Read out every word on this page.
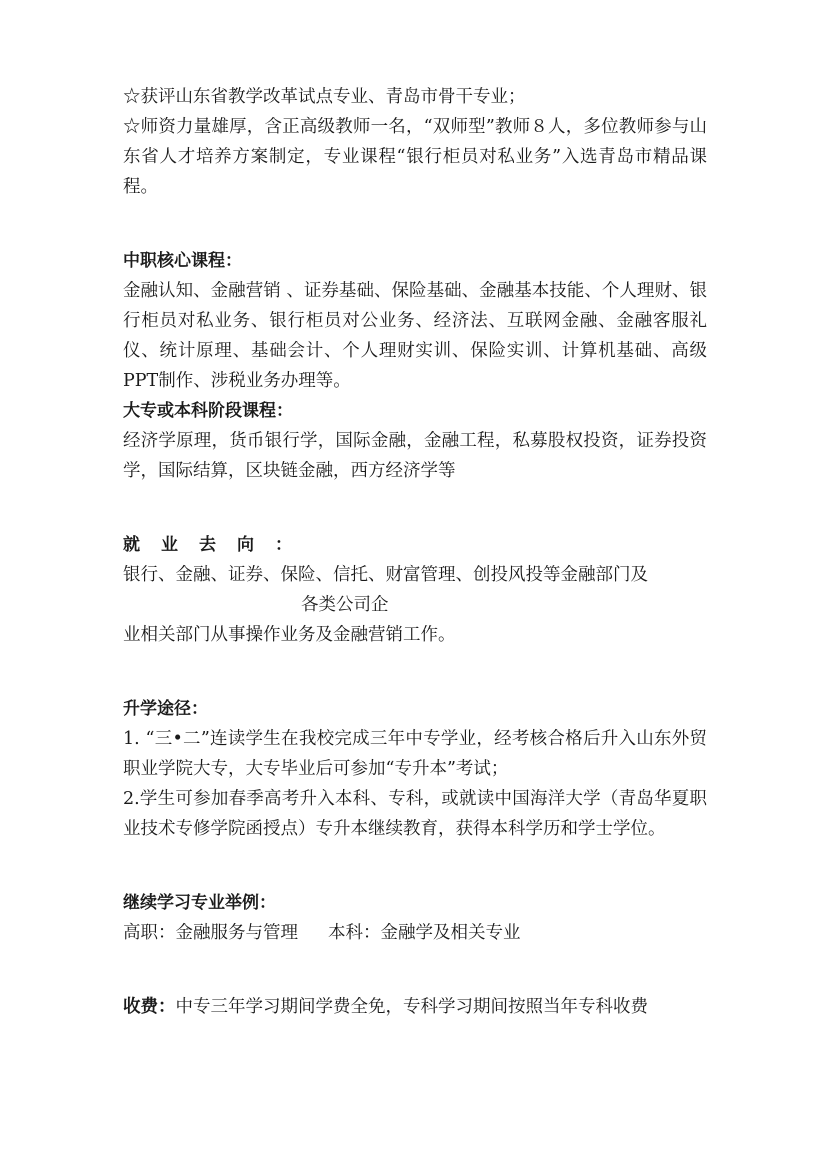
☆获评山东省教学改革试点专业、青岛市骨干专业；

☆师资力量雄厚，含正高级教师一名，“双师型”教师８人，多位教师参与山东省人才培养方案制定，专业课程“银行柜员对私业务”入选青岛市精品课程。

中职核心课程：

金融认知、金融营销 、证券基础、保险基础、金融基本技能、个人理财、银行柜员对私业务、银行柜员对公业务、经济法、互联网金融、金融客服礼仪、统计原理、基础会计、个人理财实训、保险实训、计算机基础、高级PPT制作、涉税业务办理等。

大专或本科阶段课程：

经济学原理，货币银行学，国际金融，金融工程，私募股权投资，证券投资学，国际结算，区块链金融，西方经济学等

就业去向：

银行、金融、证券、保险、信托、财富管理、创投风投等金融部门及

各类公司企

业相关部门从事操作业务及金融营销工作。

升学途径：

1. “三•二”连读学生在我校完成三年中专学业，经考核合格后升入山东外贸职业学院大专，大专毕业后可参加“专升本”考试；

2.学生可参加春季高考升入本科、专科，或就读中国海洋大学（青岛华夏职业技术专修学院函授点）专升本继续教育，获得本科学历和学士学位。

继续学习专业举例：

高职：金融服务与管理 本科：金融学及相关专业

收费：中专三年学习期间学费全免，专科学习期间按照当年专科收费
